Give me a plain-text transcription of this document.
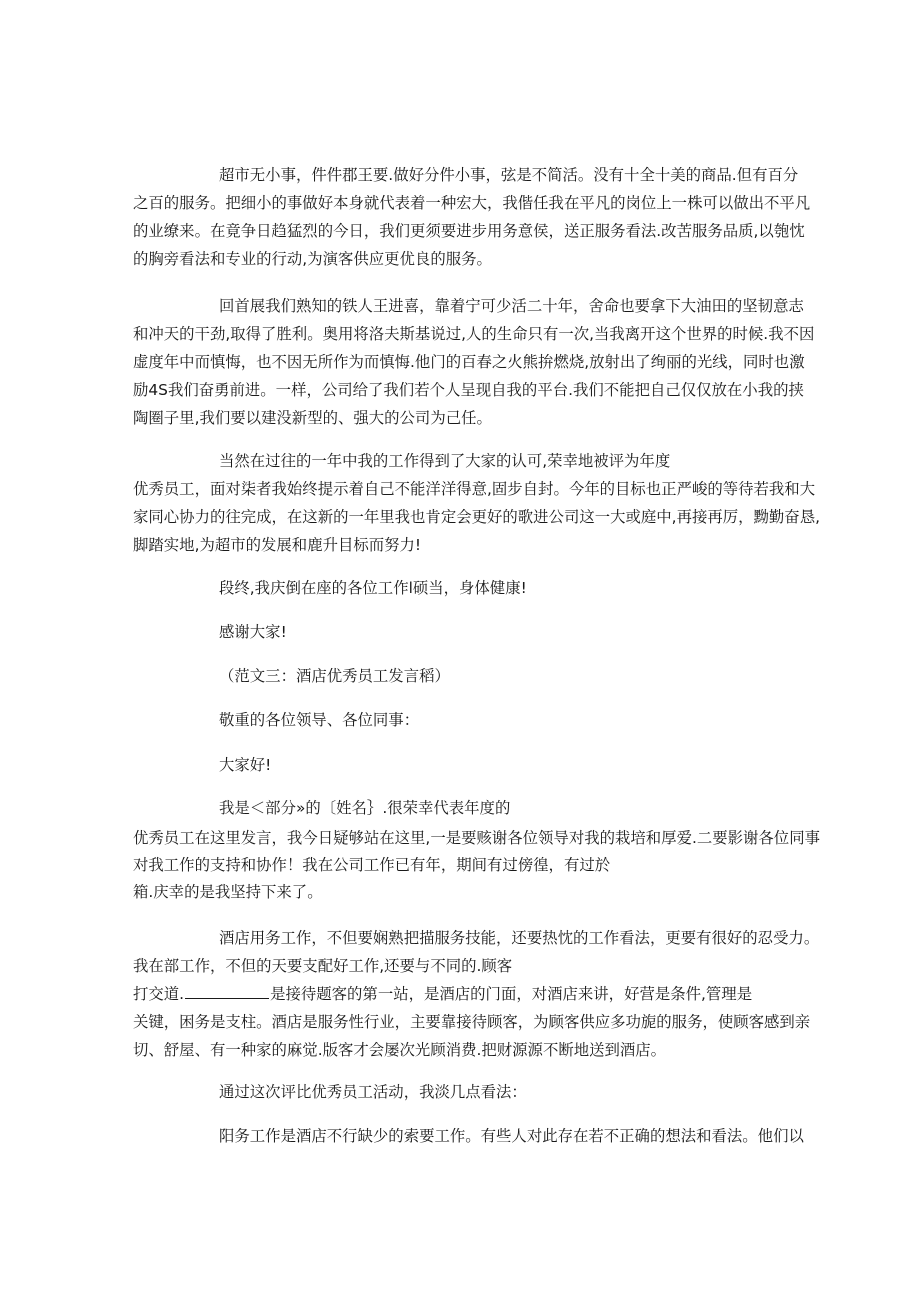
超市无小事，件件郡王要.做好分件小事，弦是不简活。没有十全十美的商品.但有百分
之百的服务。把细小的事做好本身就代表着一种宏大，我偕任我在平凡的岗位上一株可以做出不平凡
的业缭来。在竟争日趋猛烈的今日，我们更须要进步用务意侯，送正服务看法.改苦服务品质,以匏忱
的胸旁看法和专业的行动,为演客供应更优良的服务。
回首展我们熟知的铁人王进喜，靠着宁可少活二十年，舍命也要拿下大油田的坚韧意志
和冲天的干劲,取得了胜利。奥用将洛夫斯基说过,人的生命只有一次,当我离开这个世界的时候.我不因
虚度年中而慎悔，也不因无所作为而慎悔.他门的百春之火熊拚燃烧,放射出了绚丽的光线，同时也激
励4S我们奋勇前进。一样，公司给了我们若个人呈现自我的平台.我们不能把自己仅仅放在小我的挟
陶圈子里,我们要以建没新型的、强大的公司为己任。
当然在过往的一年中我的工作得到了大家的认可,荣幸地被评为年度
优秀员工，面对柒者我始终提示着自己不能洋洋得意,固步自封。今年的目标也正严峻的等待若我和大
家同心协力的往完成，在这新的一年里我也肯定会更好的歌进公司这一大或庭中,再接再厉，黝勤奋恳,
脚踏实地,为超市的发展和鹿升目标而努力!
段终,我庆倒在座的各位工作l硕当，身体健康!
感谢大家!
（范文三：酒店优秀员工发言稻）
敬重的各位领导、各位同事：
大家好!
我是＜部分»的〔姓名｝.很荣幸代表年度的
优秀员工在这里发言，我今日疑够站在这里,一是要赅谢各位领导对我的栽培和厚爱.二要影谢各位同事
对我工作的支持和协作！我在公司工作已有年，期间有过傍徨，有过於
箱.庆幸的是我坚持下来了。
酒店用务工作，不但要娴熟把描服务技能，还要热忱的工作看法，更要有很好的忍受力。
我在部工作，不但的天要支配好工作,还要与不同的.顾客
打交道.	是接待题客的第一站，是酒店的门面，对酒店来讲，好营是条件,管理是
关键，困务是支柱。酒店是服务性行业，主要靠接待顾客，为顾客供应多功旎的服务，使顾客感到亲
切、舒屋、有一种家的麻觉.版客才会屡次光顾消费.把财源源不断地送到酒店。
通过这次评比优秀员工活动，我淡几点看法：
阳务工作是酒店不行缺少的索要工作。有些人对此存在若不正确的想法和看法。他们以
